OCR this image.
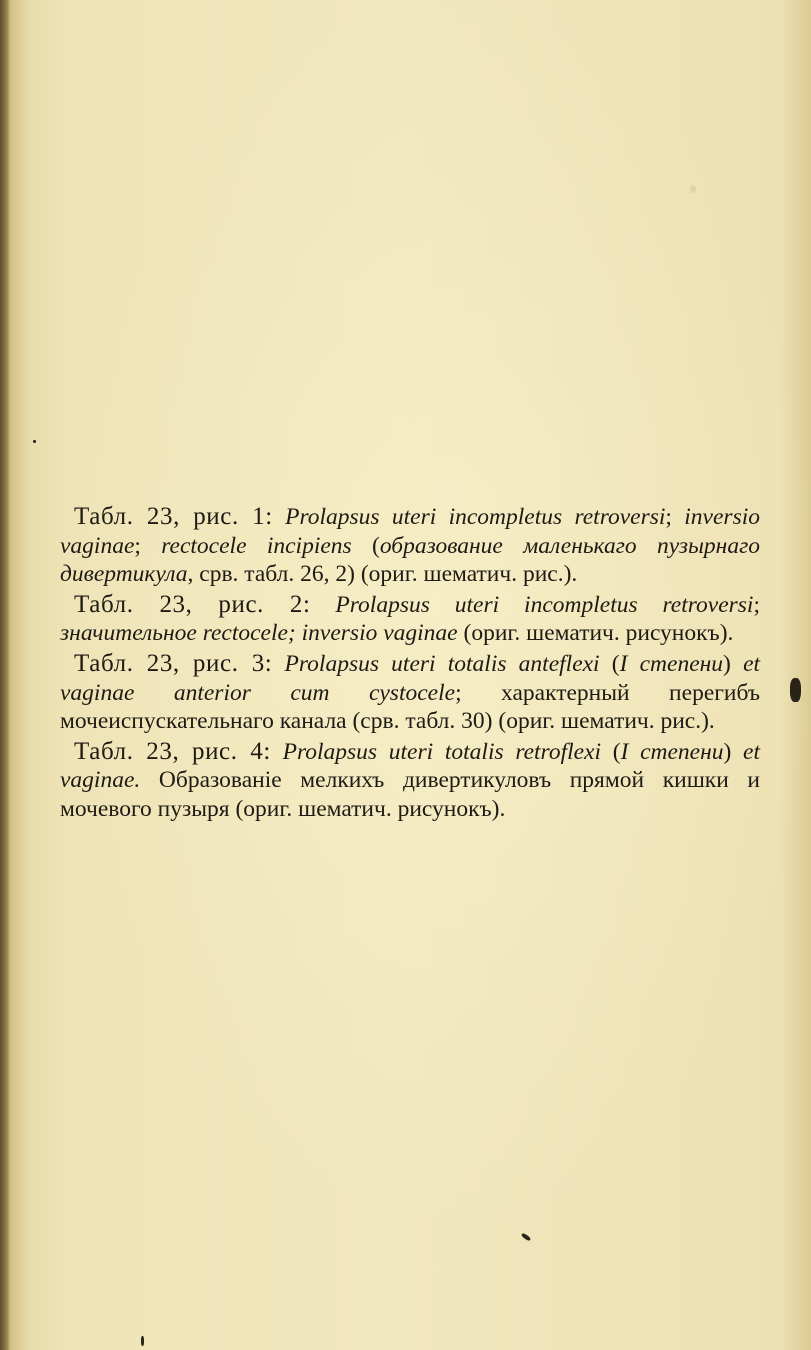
Табл. 23, рис. 1: Prolapsus uteri incompletus retroversi; inversio vaginae; rectocele incipiens (образование маленькаго пузырнаго дивертикула, срв. табл. 26, 2) (ориг. шематич. рис.).

Табл. 23, рис. 2: Prolapsus uteri incompletus retroversi; значительное rectocele; inversio vaginae (ориг. шематич. рисунокъ).

Табл. 23, рис. 3: Prolapsus uteri totalis anteflexi (I степени) et vaginae anterior cum cystocele; характерный перегибъ мочеиспускательнаго канала (срв. табл. 30) (ориг. шематич. рис.).

Табл. 23, рис. 4: Prolapsus uteri totalis retroflexi (I степени) et vaginae. Образованіе мелкихъ дивертикуловъ прямой кишки и мочевого пузыря (ориг. шематич. рисунокъ).
